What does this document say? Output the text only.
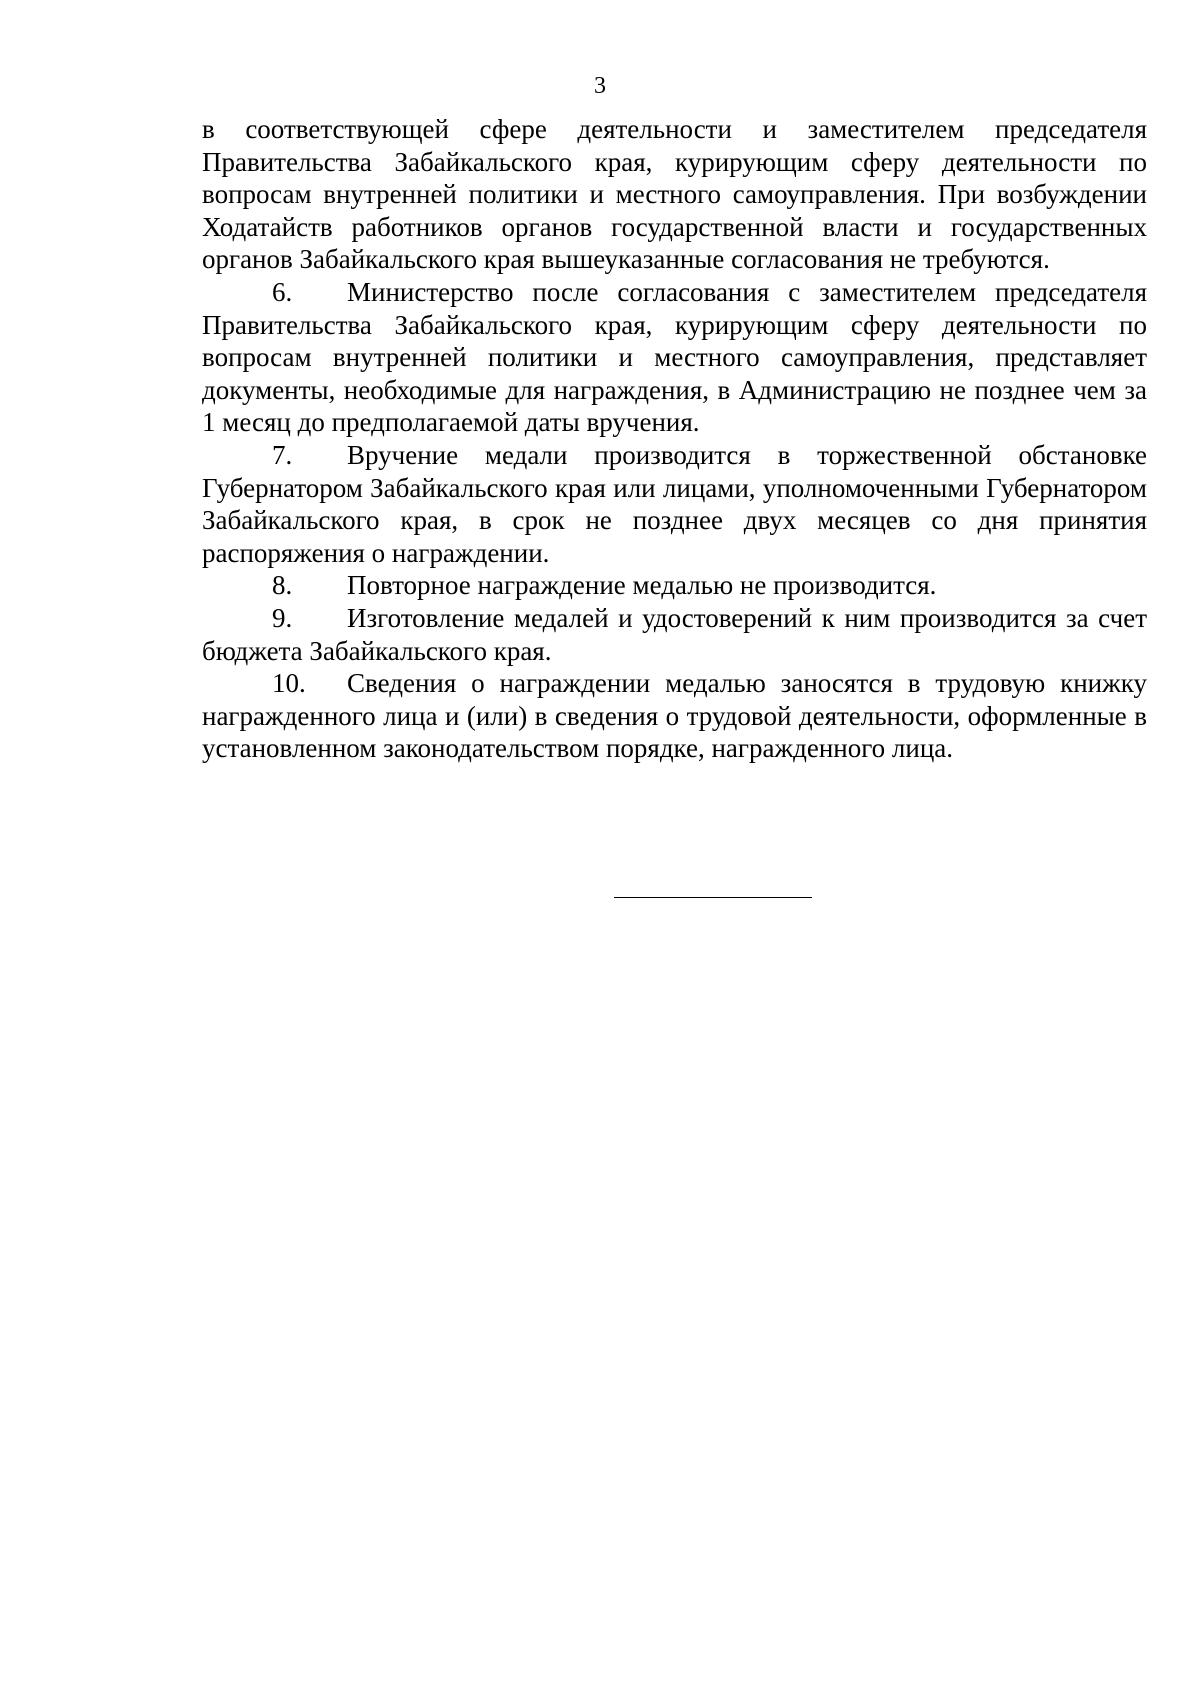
3

в соответствующей сфере деятельности и заместителем председателя Правительства Забайкальского края, курирующим сферу деятельности по вопросам внутренней политики и местного самоуправления. При возбуждении Ходатайств работников органов государственной власти и государственных органов Забайкальского края вышеуказанные согласования не требуются.

6. Министерство после согласования с заместителем председателя Правительства Забайкальского края, курирующим сферу деятельности по вопросам внутренней политики и местного самоуправления, представляет документы, необходимые для награждения, в Администрацию не позднее чем за 1 месяц до предполагаемой даты вручения.

7. Вручение медали производится в торжественной обстановке Губернатором Забайкальского края или лицами, уполномоченными Губернатором Забайкальского края, в срок не позднее двух месяцев со дня принятия распоряжения о награждении.

8. Повторное награждение медалью не производится.

9. Изготовление медалей и удостоверений к ним производится за счет бюджета Забайкальского края.

10. Сведения о награждении медалью заносятся в трудовую книжку награжденного лица и (или) в сведения о трудовой деятельности, оформленные в установленном законодательством порядке, награжденного лица.
